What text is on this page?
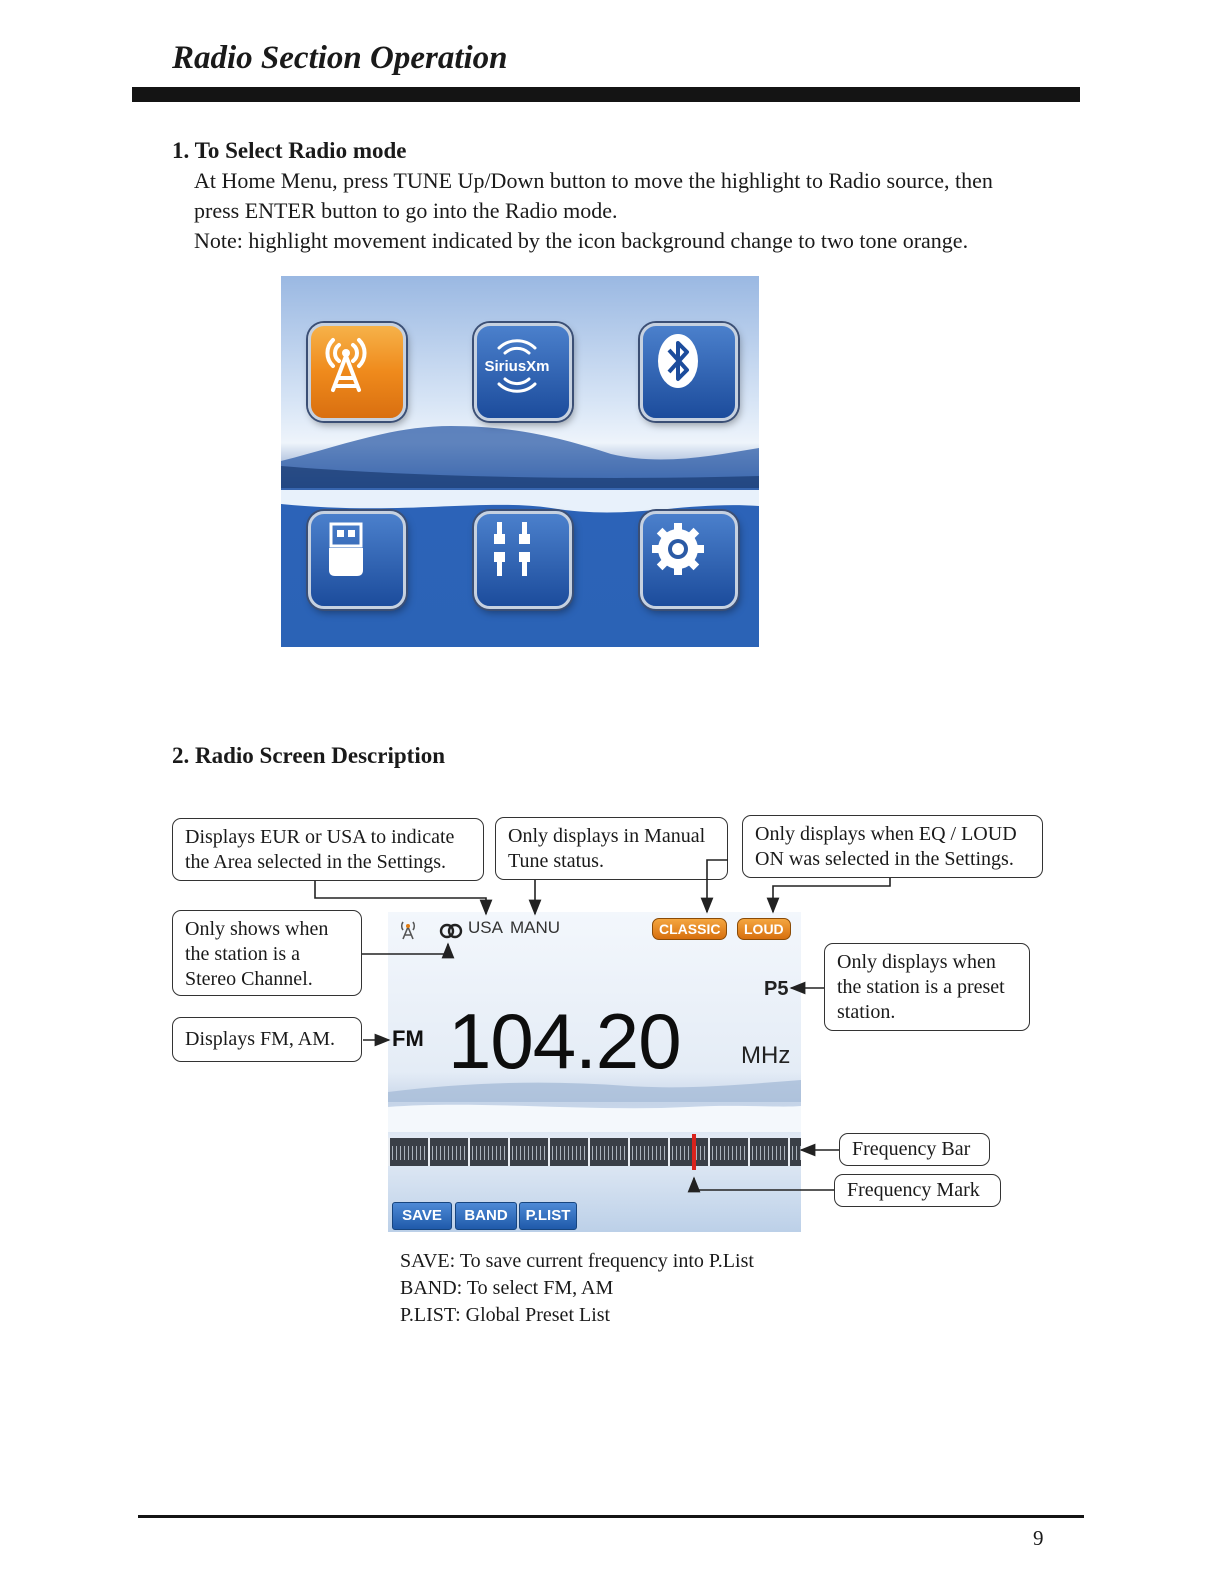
Radio Section Operation
1. To Select Radio mode
At Home Menu, press TUNE Up/Down button to move the highlight to Radio source, then
press ENTER button to go into the Radio mode.
Note: highlight movement indicated by the icon background change to two tone orange.
SiriusXm
2. Radio Screen Description
Displays EUR or USA to indicate
the Area selected in the Settings.
Only displays in Manual
Tune status.
Only displays when EQ / LOUD
ON was selected in the Settings.
Only shows when
the station is a
Stereo Channel.
Displays FM, AM.
Only displays when
the station is a preset
station.
Frequency Bar
Frequency Mark
USA MANU	CLASSIC	LOUD
P5
FM 104.20	MHz
SAVE	BAND	P.LIST
SAVE: To save current frequency into P.List
BAND: To select FM, AM
P.LIST: Global Preset List
9
